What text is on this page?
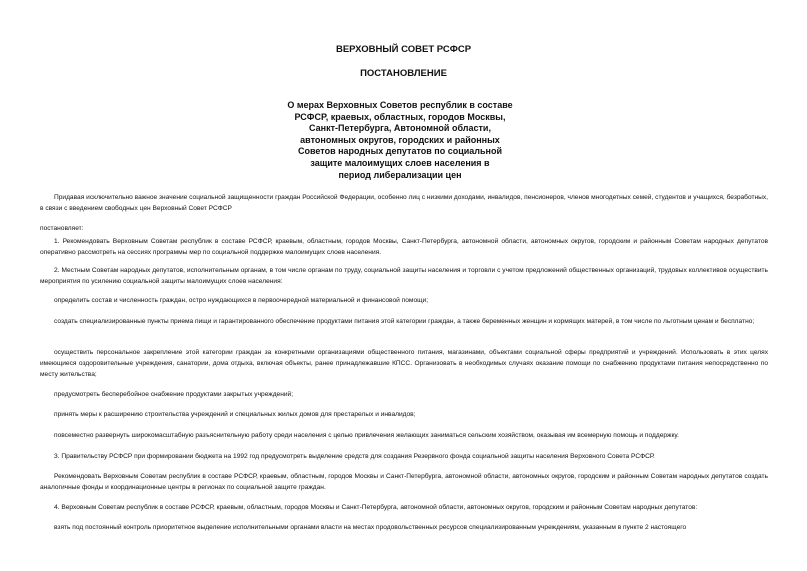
ВЕРХОВНЫЙ СОВЕТ РСФСР

ПОСТАНОВЛЕНИЕ

О мерах Верховных Советов республик в составе
РСФСР, краевых, областных, городов Москвы,
Санкт-Петербурга, Автономной области,
автономных округов, городских и районных
Советов народных депутатов по социальной
защите малоимущих слоев населения в
период либерализации цен

Придавая исключительно важное значение социальной защищенности граждан Российской Федерации, особенно лиц с низкими доходами, инвалидов, пенсионеров, членов многодетных семей, студентов и учащихся, безработных, в связи с введением свободных цен Верховный Совет РСФСР

постановляет:

1. Рекомендовать Верховным Советам республик в составе РСФСР, краевым, областным, городов Москвы, Санкт-Петербурга, автономной области, автономных округов, городским и районным Советам народных депутатов оперативно рассмотреть на сессиях программы мер по социальной поддержке малоимущих слоев населения.

2. Местным Советам народных депутатов, исполнительным органам, в том числе органам по труду, социальной защиты населения и торговли с учетом предложений общественных организаций, трудовых коллективов осуществить мероприятия по усилению социальной защиты малоимущих слоев населения:

определить состав и численность граждан, остро нуждающихся в первоочередной материальной и финансовой помощи;

создать специализированные пункты приема пищи и гарантированного обеспечение продуктами питания этой категории граждан, а также беременных женщин и кормящих матерей, в том числе по льготным ценам и бесплатно;

осуществить персональное закрепление этой категории граждан за конкретными организациями общественного питания, магазинами, объектами социальной сферы предприятий и учреждений. Использовать в этих целях имеющиеся оздоровительные учреждения, санатории, дома отдыха, включая объекты, ранее принадлежавшие КПСС. Организовать в необходимых случаях оказание помощи по снабжению продуктами питания непосредственно по месту жительства;

предусмотреть бесперебойное снабжение продуктами закрытых учреждений;

принять меры к расширению строительства учреждений и специальных жилых домов для престарелых и инвалидов;

повсеместно развернуть широкомасштабную разъяснительную работу среди населения с целью привлечения желающих заниматься сельским хозяйством, оказывая им всемерную помощь и поддержку.

3. Правительству РСФСР при формировании бюджета на 1992 год предусмотреть выделение средств для создания Резервного фонда социальной защиты населения Верховного Совета РСФСР.

Рекомендовать Верховным Советам республик в составе РСФСР, краевым, областным, городов Москвы и Санкт-Петербурга, автономной области, автономных округов, городским и районным Советам народных депутатов создать аналогичные фонды и координационные центры в регионах по социальной защите граждан.

4. Верховным Советам республик в составе РСФСР, краевым, областным, городов Москвы и Санкт-Петербурга, автономной области, автономных округов, городским и районным Советам народных депутатов:

взять под постоянный контроль приоритетное выделение исполнительными органами власти на местах продовольственных ресурсов специализированным учреждениям, указанным в пункте 2 настоящего
